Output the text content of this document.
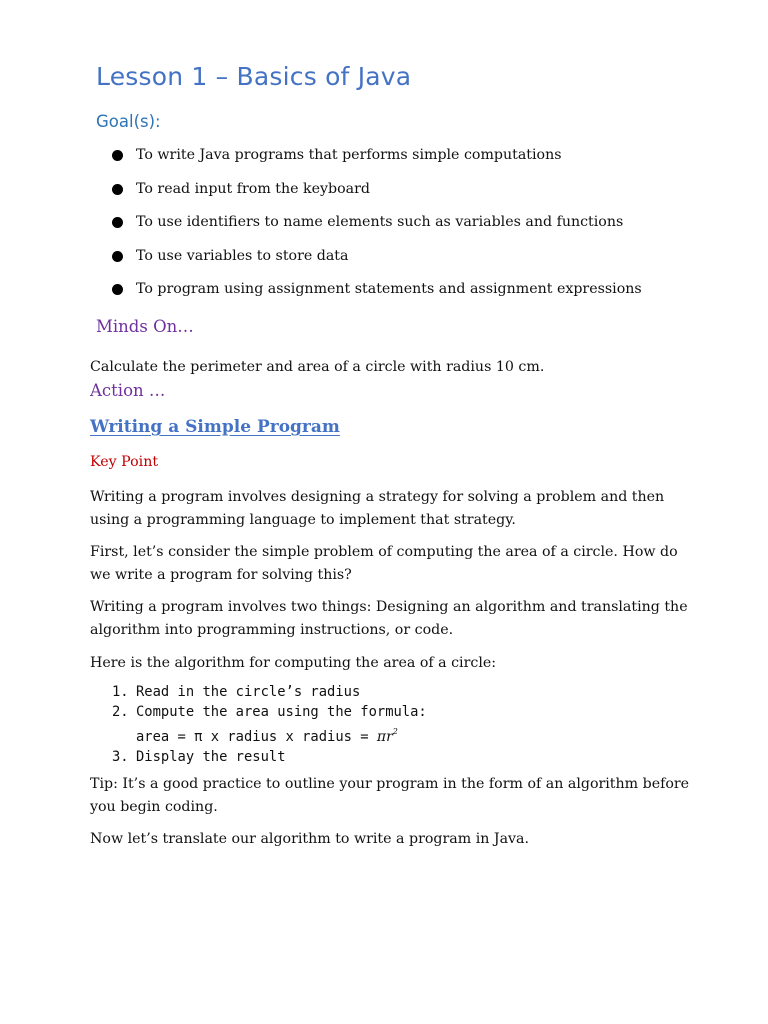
Lesson 1 – Basics of Java
Goal(s):
To write Java programs that performs simple computations
To read input from the keyboard
To use identifiers to name elements such as variables and functions
To use variables to store data
To program using assignment statements and assignment expressions
Minds On…
Calculate the perimeter and area of a circle with radius 10 cm.
Action …
Writing a Simple Program
Key Point
Writing a program involves designing a strategy for solving a problem and then using a programming language to implement that strategy.
First, let’s consider the simple problem of computing the area of a circle. How do we write a program for solving this?
Writing a program involves two things: Designing an algorithm and translating the algorithm into programming instructions, or code.
Here is the algorithm for computing the area of a circle:
1. Read in the circle’s radius
2. Compute the area using the formula:
area = π x radius x radius = $\pi r^2$
3. Display the result
Tip: It’s a good practice to outline your program in the form of an algorithm before you begin coding.
Now let’s translate our algorithm to write a program in Java.
